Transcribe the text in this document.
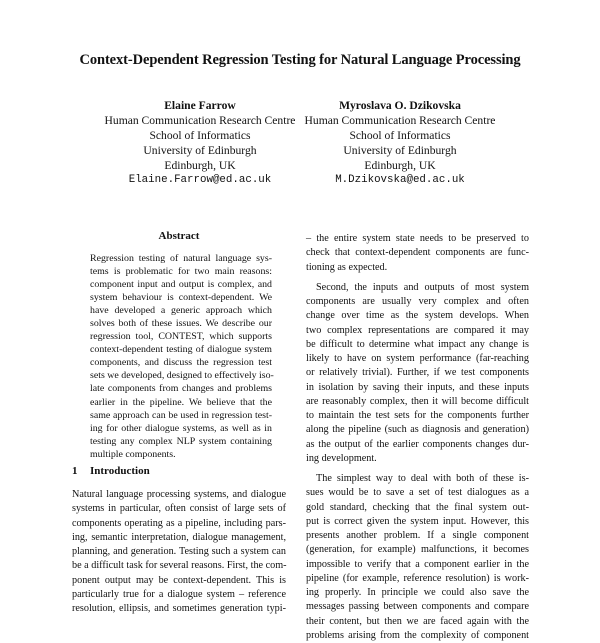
Context-Dependent Regression Testing for Natural Language Processing
Elaine Farrow
Human Communication Research Centre
School of Informatics
University of Edinburgh
Edinburgh, UK
Elaine.Farrow@ed.ac.uk
Myroslava O. Dzikovska
Human Communication Research Centre
School of Informatics
University of Edinburgh
Edinburgh, UK
M.Dzikovska@ed.ac.uk
Abstract
Regression testing of natural language sys-
tems is problematic for two main reasons:
component input and output is complex, and
system behaviour is context-dependent. We
have developed a generic approach which
solves both of these issues. We describe our
regression tool, CONTEST, which supports
context-dependent testing of dialogue system
components, and discuss the regression test
sets we developed, designed to effectively iso-
late components from changes and problems
earlier in the pipeline. We believe that the
same approach can be used in regression test-
ing for other dialogue systems, as well as in
testing any complex NLP system containing
multiple components.
1 Introduction
Natural language processing systems, and dialogue
systems in particular, often consist of large sets of
components operating as a pipeline, including pars-
ing, semantic interpretation, dialogue management,
planning, and generation. Testing such a system can
be a difficult task for several reasons. First, the com-
ponent output may be context-dependent. This is
particularly true for a dialogue system – reference
resolution, ellipsis, and sometimes generation typi-
– the entire system state needs to be preserved to
check that context-dependent components are func-
tioning as expected.
Second, the inputs and outputs of most system
components are usually very complex and often
change over time as the system develops. When
two complex representations are compared it may
be difficult to determine what impact any change is
likely to have on system performance (far-reaching
or relatively trivial). Further, if we test components
in isolation by saving their inputs, and these inputs
are reasonably complex, then it will become difficult
to maintain the test sets for the components further
along the pipeline (such as diagnosis and generation)
as the output of the earlier components changes dur-
ing development.
The simplest way to deal with both of these is-
sues would be to save a set of test dialogues as a
gold standard, checking that the final system out-
put is correct given the system input. However, this
presents another problem. If a single component
(generation, for example) malfunctions, it becomes
impossible to verify that a component earlier in the
pipeline (for example, reference resolution) is work-
ing properly. In principle we could also save the
messages passing between components and compare
their content, but then we are faced again with the
problems arising from the complexity of component
